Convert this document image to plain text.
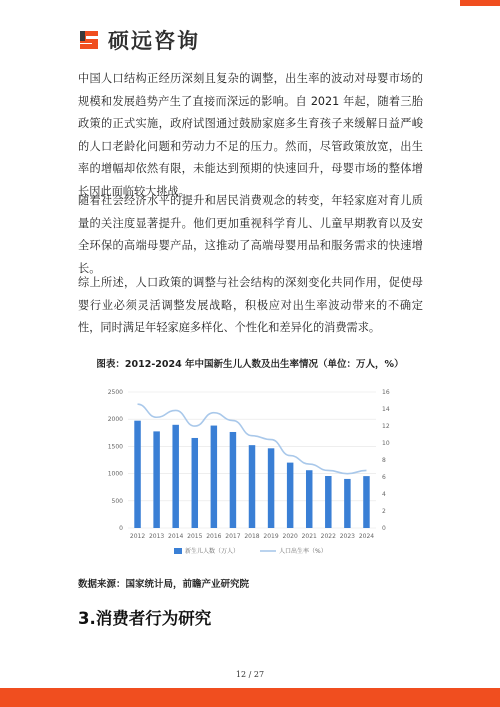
硕远咨询

中国人口结构正经历深刻且复杂的调整，出生率的波动对母婴市场的规模和发展趋势产生了直接而深远的影响。自 2021 年起，随着三胎政策的正式实施，政府试图通过鼓励家庭多生育孩子来缓解日益严峻的人口老龄化问题和劳动力不足的压力。然而，尽管政策放宽，出生率的增幅却依然有限，未能达到预期的快速回升，母婴市场的整体增长因此面临较大挑战。

随着社会经济水平的提升和居民消费观念的转变，年轻家庭对育儿质量的关注度显著提升。他们更加重视科学育儿、儿童早期教育以及安全环保的高端母婴产品，这推动了高端母婴用品和服务需求的快速增长。

综上所述，人口政策的调整与社会结构的深刻变化共同作用，促使母婴行业必须灵活调整发展战略，积极应对出生率波动带来的不确定性，同时满足年轻家庭多样化、个性化和差异化的消费需求。

图表：2012-2024 年中国新生儿人数及出生率情况（单位：万人，%）
0
500
1000
1500
2000
2500
0
2
4
6
8
10
12
14
16
2012 2013 2014 2015 2016 2017 2018 2019 2020 2021 2022 2023 2024
新生儿人数（万人）	人口出生率（%）
数据来源：国家统计局，前瞻产业研究院
3.消费者行为研究
12 / 27
